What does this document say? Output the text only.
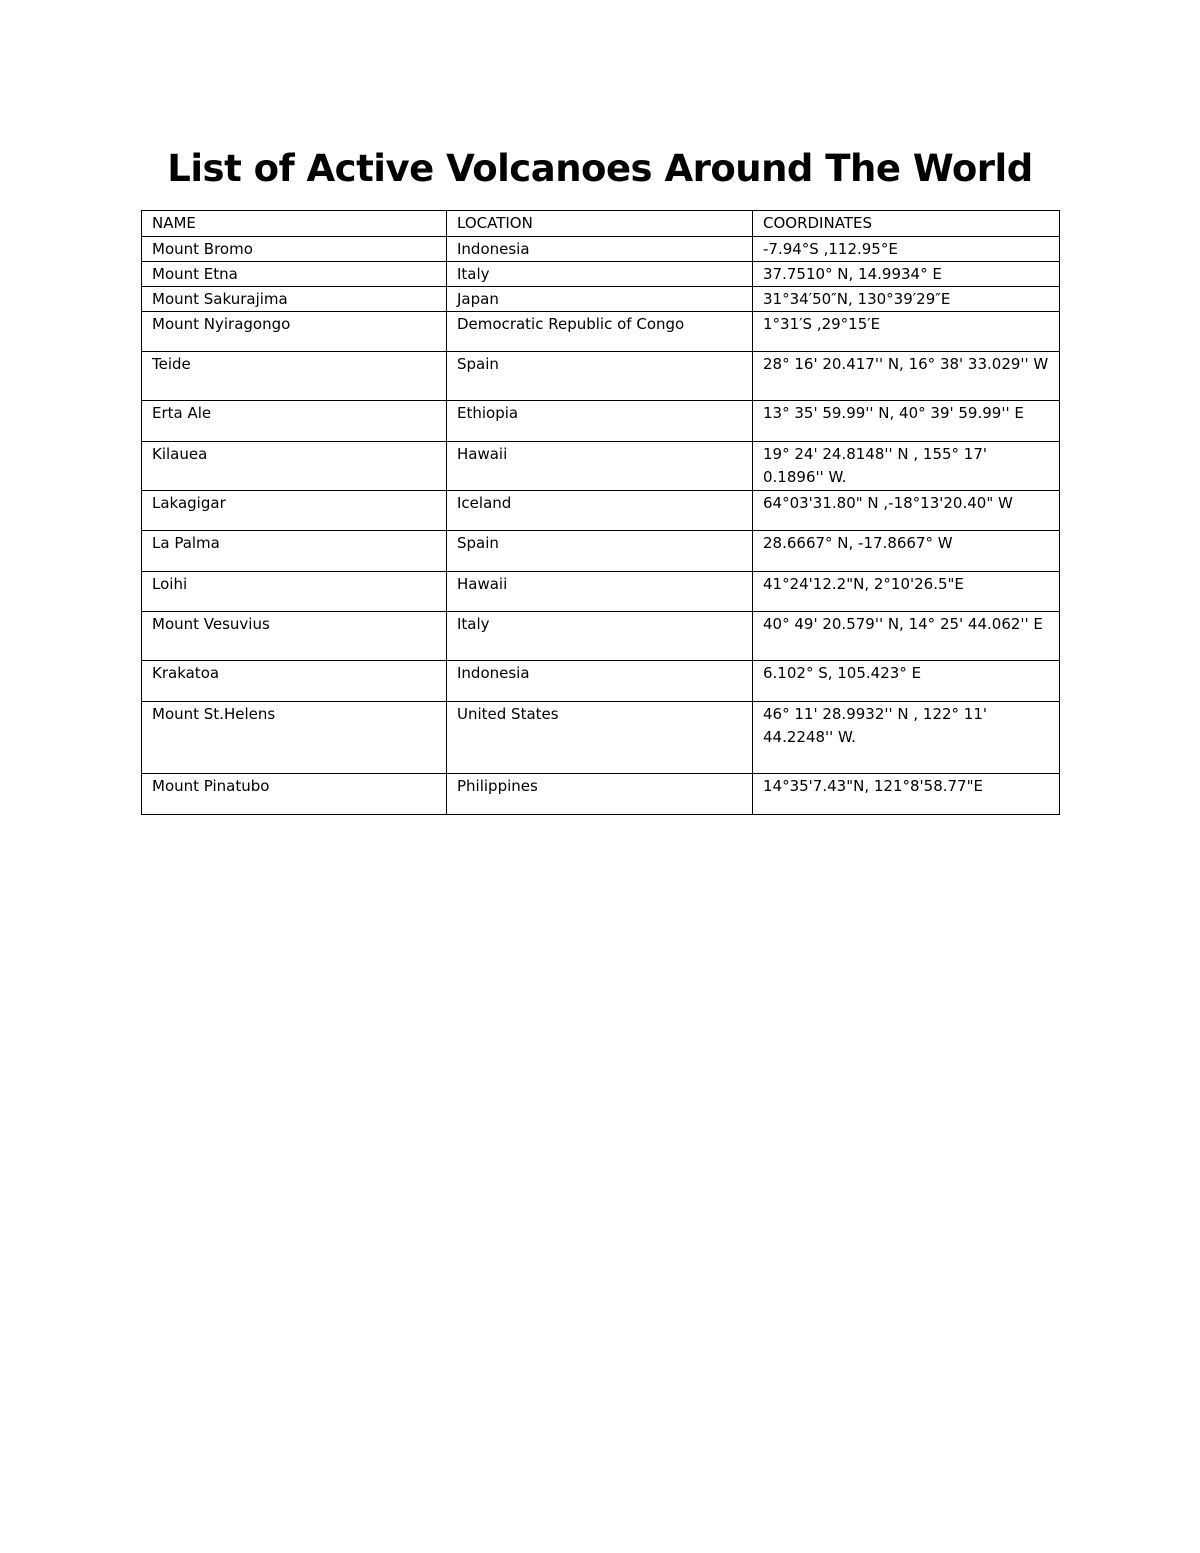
List of Active Volcanoes Around The World
NAME	LOCATION	COORDINATES
Mount Bromo	Indonesia	-7.94°S ,112.95°E
Mount Etna	Italy	37.7510° N, 14.9934° E
Mount Sakurajima	Japan	31°34′50″N, 130°39′29″E
Mount Nyiragongo	Democratic Republic of Congo	1°31′S ,29°15′E
Teide	Spain	28° 16' 20.417'' N, 16° 38' 33.029'' W
Erta Ale	Ethiopia	13° 35' 59.99'' N, 40° 39' 59.99'' E
Kilauea	Hawaii	19° 24' 24.8148'' N , 155° 17' 0.1896'' W.
Lakagigar	Iceland	64°03'31.80" N ,-18°13'20.40" W
La Palma	Spain	28.6667° N, -17.8667° W
Loihi	Hawaii	41°24'12.2"N, 2°10'26.5"E
Mount Vesuvius	Italy	40° 49' 20.579'' N, 14° 25' 44.062'' E
Krakatoa	Indonesia	6.102° S, 105.423° E
Mount St.Helens	United States	46° 11' 28.9932'' N , 122° 11' 44.2248'' W.
Mount Pinatubo	Philippines	14°35'7.43"N, 121°8'58.77"E
